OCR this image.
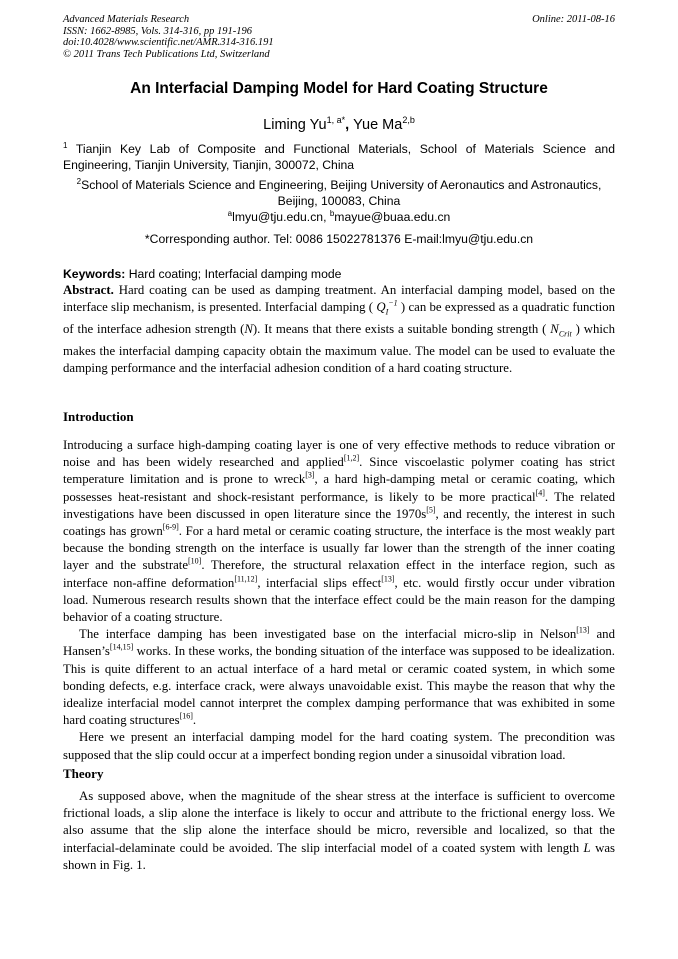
Advanced Materials Research
ISSN: 1662-8985, Vols. 314-316, pp 191-196
doi:10.4028/www.scientific.net/AMR.314-316.191
© 2011 Trans Tech Publications Ltd, Switzerland
Online: 2011-08-16
An Interfacial Damping Model for Hard Coating Structure
Liming $Yu^{1, a*}$, Yue Ma$^{2,b}$
$^1$ Tianjin Key Lab of Composite and Functional Materials, School of Materials Science and Engineering, Tianjin University, Tianjin, 300072, China
$^2$School of Materials Science and Engineering, Beijing University of Aeronautics and Astronautics,
Beijing, 100083, China
$^a$lmyu@tju.edu.cn, $^b$mayue@buaa.edu.cn
*Corresponding author. Tel: 0086 15022781376 E-mail:lmyu@tju.edu.cn
Keywords: Hard coating; Interfacial damping mode

Abstract. Hard coating can be used as damping treatment. An interfacial damping model, based on the interface slip mechanism, is presented. Interfacial damping ( $Q_I^{-1}$ ) can be expressed as a quadratic function of the interface adhesion strength (N). It means that there exists a suitable bonding strength ( $N_{Crit}$ ) which makes the interfacial damping capacity obtain the maximum value. The model can be used to evaluate the damping performance and the interfacial adhesion condition of a hard coating structure.

Introduction

Introducing a surface high-damping coating layer is one of very effective methods to reduce vibration or noise and has been widely researched and applied[1,2]. Since viscoelastic polymer coating has strict temperature limitation and is prone to wreck[3], a hard high-damping metal or ceramic coating, which possesses heat-resistant and shock-resistant performance, is likely to be more practical[4]. The related investigations have been discussed in open literature since the 1970s[5], and recently, the interest in such coatings has grown[6-9]. For a hard metal or ceramic coating structure, the interface is the most weakly part because the bonding strength on the interface is usually far lower than the strength of the inner coating layer and the substrate[10]. Therefore, the structural relaxation effect in the interface region, such as interface non-affine deformation[11,12], interfacial slips effect[13], etc. would firstly occur under vibration load. Numerous research results shown that the interface effect could be the main reason for the damping behavior of a coating structure.

The interface damping has been investigated base on the interfacial micro-slip in Nelson[13] and Hansen’s[14,15] works. In these works, the bonding situation of the interface was supposed to be idealization. This is quite different to an actual interface of a hard metal or ceramic coated system, in which some bonding defects, e.g. interface crack, were always unavoidable exist. This maybe the reason that why the idealize interfacial model cannot interpret the complex damping performance that was exhibited in some hard coating structures[16].

Here we present an interfacial damping model for the hard coating system. The precondition was supposed that the slip could occur at a imperfect bonding region under a sinusoidal vibration load.

Theory

As supposed above, when the magnitude of the shear stress at the interface is sufficient to overcome frictional loads, a slip alone the interface is likely to occur and attribute to the frictional energy loss. We also assume that the slip alone the interface should be micro, reversible and localized, so that the interfacial-delaminate could be avoided. The slip interfacial model of a coated system with length L was shown in Fig. 1.
